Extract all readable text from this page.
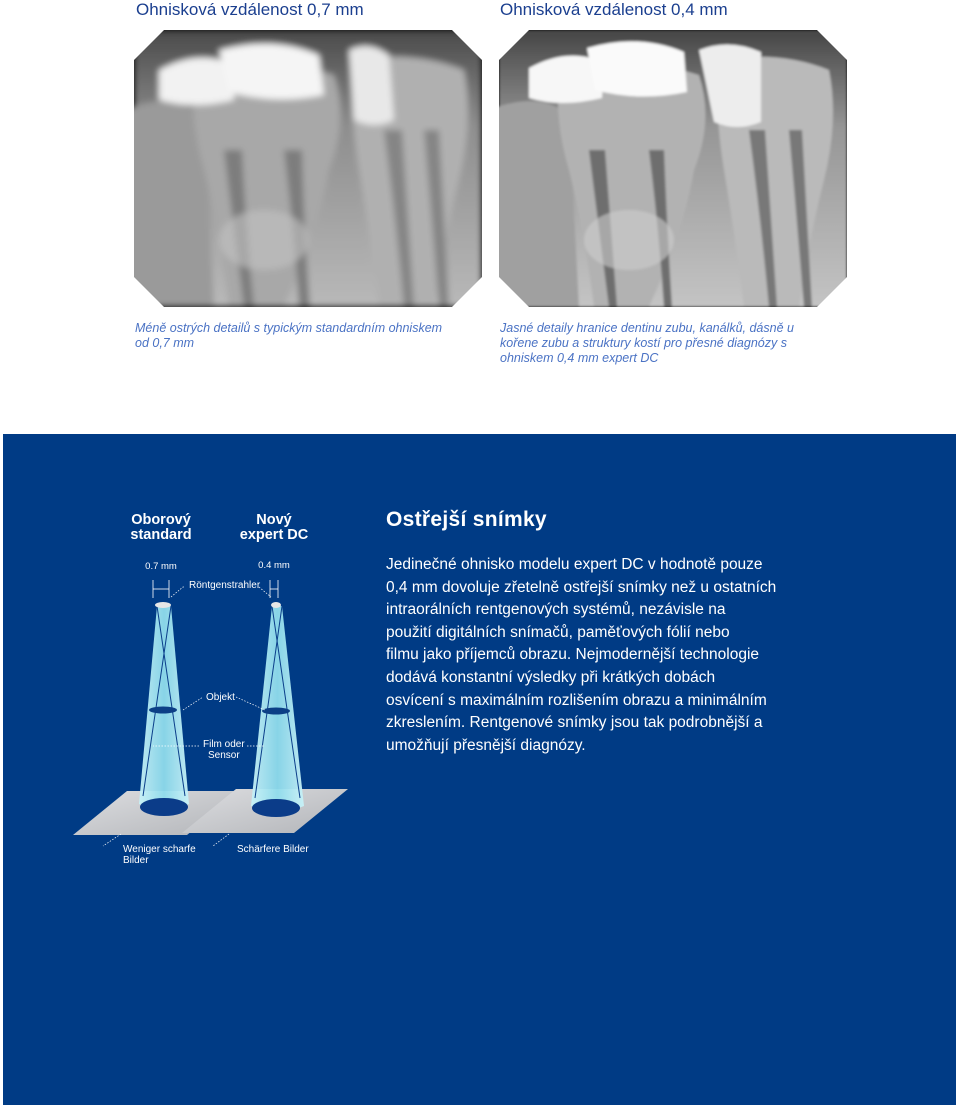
Ohnisková vzdálenost 0,7 mm	Ohnisková vzdálenost 0,4 mm

Méně ostrých detailů s typickým standardním ohniskem
od 0,7 mm

Jasné detaily hranice dentinu zubu, kanálků, dásně u
kořene zubu a struktury kostí pro přesné diagnózy s
ohniskem 0,4 mm expert DC

Oborový
standard
Nový
expert DC
0.7 mm	0.4 mm
Röntgenstrahler
Objekt
Film oder
Sensor
Weniger scharfe
Bilder
Schärfere Bilder
Ostřejší snímky

Jedinečné ohnisko modelu expert DC v hodnotě pouze
0,4 mm dovoluje zřetelně ostřejší snímky než u ostatních
intraorálních rentgenových systémů, nezávisle na
použití digitálních snímačů, paměťových fólií nebo
filmu jako příjemců obrazu. Nejmodernější technologie
dodává konstantní výsledky při krátkých dobách
osvícení s maximálním rozlišením obrazu a minimálním
zkreslením. Rentgenové snímky jsou tak podrobnější a
umožňují přesnější diagnózy.
